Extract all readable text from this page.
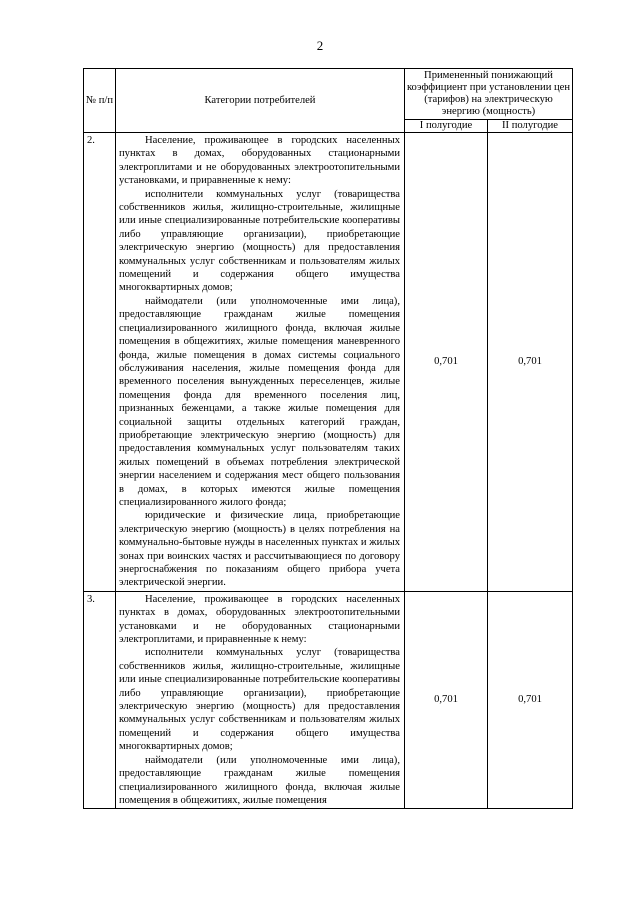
2
№ п/п	Категории потребителей	Примененный понижающий коэффициент при установлении цен (тарифов) на электрическую энергию (мощность)	
		I полугодие	II полугодие
2.	Население, проживающее в городских населенных пунктах в домах, оборудованных стационарными электроплитами и не оборудованных электроотопительными установками, и приравненные к нему:

исполнители коммунальных услуг (товарищества собственников жилья, жилищно-строительные, жилищные или иные специализированные потребительские кооперативы либо управляющие организации), приобретающие электрическую энергию (мощность) для предоставления коммунальных услуг собственникам и пользователям жилых помещений и содержания общего имущества многоквартирных домов;

наймодатели (или уполномоченные ими лица), предоставляющие гражданам жилые помещения специализированного жилищного фонда, включая жилые помещения в общежитиях, жилые помещения маневренного фонда, жилые помещения в домах системы социального обслуживания населения, жилые помещения фонда для временного поселения вынужденных переселенцев, жилые помещения фонда для временного поселения лиц, признанных беженцами, а также жилые помещения для социальной защиты отдельных категорий граждан, приобретающие электрическую энергию (мощность) для предоставления коммунальных услуг пользователям таких жилых помещений в объемах потребления электрической энергии населением и содержания мест общего пользования в домах, в которых имеются жилые помещения специализированного жилого фонда;

юридические и физические лица, приобретающие электрическую энергию (мощность) в целях потребления на коммунально-бытовые нужды в населенных пунктах и жилых зонах при воинских частях и рассчитывающиеся по договору энергоснабжения по показаниям общего прибора учета электрической энергии.	0,701	0,701
3.	Население, проживающее в городских населенных пунктах в домах, оборудованных электроотопительными установками и не оборудованных стационарными электроплитами, и приравненные к нему:

исполнители коммунальных услуг (товарищества собственников жилья, жилищно-строительные, жилищные или иные специализированные потребительские кооперативы либо управляющие организации), приобретающие электрическую энергию (мощность) для предоставления коммунальных услуг собственникам и пользователям жилых помещений и содержания общего имущества многоквартирных домов;

наймодатели (или уполномоченные ими лица), предоставляющие гражданам жилые помещения специализированного жилищного фонда, включая жилые помещения в общежитиях, жилые помещения	0,701	0,701
